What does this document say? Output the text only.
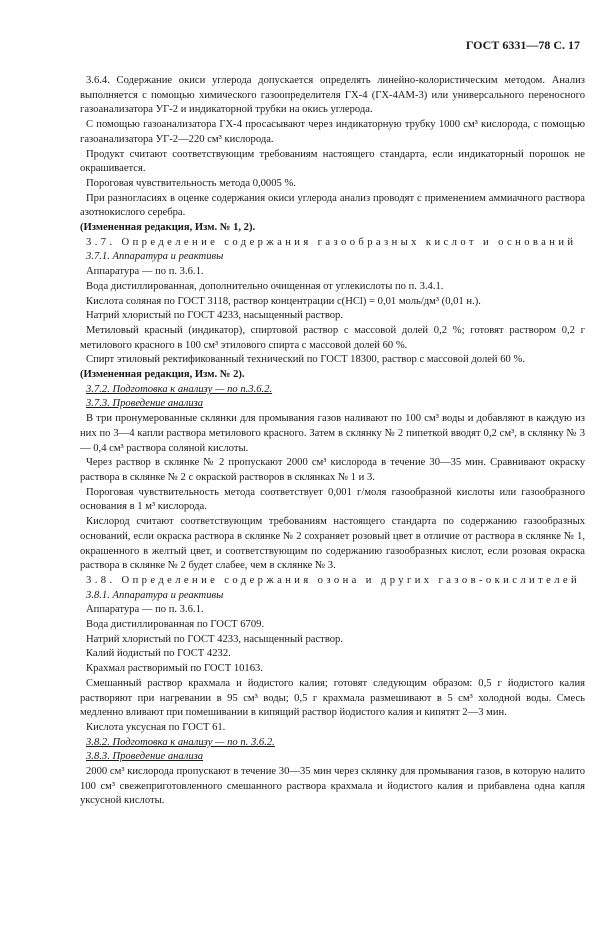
ГОСТ 6331—78 С. 17

3.6.4. Содержание окиси углерода допускается определять линейно-колористическим методом. Анализ выполняется с помощью химического газоопределителя ГХ-4 (ГХ-4АМ-3) или универсального переносного газоанализатора УГ-2 и индикаторной трубки на окись углерода.

С помощью газоанализатора ГХ-4 просасывают через индикаторную трубку 1000 см³ кислорода, с помощью газоанализатора УГ-2—220 см³ кислорода.

Продукт считают соответствующим требованиям настоящего стандарта, если индикаторный порошок не окрашивается.

Пороговая чувствительность метода 0,0005 %.

При разногласиях в оценке содержания окиси углерода анализ проводят с применением аммиачного раствора азотнокислого серебра.

(Измененная редакция, Изм. № 1, 2).

3.7. Определение содержания газообразных кислот и оснований

3.7.1. Аппаратура и реактивы

Аппаратура — по п. 3.6.1.

Вода дистиллированная, дополнительно очищенная от углекислоты по п. 3.4.1.

Кислота соляная по ГОСТ 3118, раствор концентрации c(HCl) = 0,01 моль/дм³ (0,01 н.).

Натрий хлористый по ГОСТ 4233, насыщенный раствор.

Метиловый красный (индикатор), спиртовой раствор с массовой долей 0,2 %; готовят раствором 0,2 г метилового красного в 100 см³ этилового спирта с массовой долей 60 %.

Спирт этиловый ректификованный технический по ГОСТ 18300, раствор с массовой долей 60 %.

(Измененная редакция, Изм. № 2).

3.7.2. Подготовка к анализу — по п.3.6.2.

3.7.3. Проведение анализа

В три пронумерованные склянки для промывания газов наливают по 100 см³ воды и добавляют в каждую из них по 3—4 капли раствора метилового красного. Затем в склянку № 2 пипеткой вводят 0,2 см³, в склянку № 3 — 0,4 см³ раствора соляной кислоты.

Через раствор в склянке № 2 пропускают 2000 см³ кислорода в течение 30—35 мин. Сравнивают окраску раствора в склянке № 2 с окраской растворов в склянках № 1 и 3.

Пороговая чувствительность метода соответствует 0,001 г/моля газообразной кислоты или газообразного основания в 1 м³ кислорода.

Кислород считают соответствующим требованиям настоящего стандарта по содержанию газообразных оснований, если окраска раствора в склянке № 2 сохраняет розовый цвет в отличие от раствора в склянке № 1, окрашенного в желтый цвет, и соответствующим по содержанию газообразных кислот, если розовая окраска раствора в склянке № 2 будет слабее, чем в склянке № 3.

3.8. Определение содержания озона и других газов-окислителей

3.8.1. Аппаратура и реактивы

Аппаратура — по п. 3.6.1.

Вода дистиллированная по ГОСТ 6709.

Натрий хлористый по ГОСТ 4233, насыщенный раствор.

Калий йодистый по ГОСТ 4232.

Крахмал растворимый по ГОСТ 10163.

Смешанный раствор крахмала и йодистого калия; готовят следующим образом: 0,5 г йодистого калия растворяют при нагревании в 95 см³ воды; 0,5 г крахмала размешивают в 5 см³ холодной воды. Смесь медленно вливают при помешивании в кипящий раствор йодистого калия и кипятят 2—3 мин.

Кислота уксусная по ГОСТ 61.

3.8.2. Подготовка к анализу — по п. 3.6.2.

3.8.3. Проведение анализа

2000 см³ кислорода пропускают в течение 30—35 мин через склянку для промывания газов, в которую налито 100 см³ свежеприготовленного смешанного раствора крахмала и йодистого калия и прибавлена одна капля уксусной кислоты.
